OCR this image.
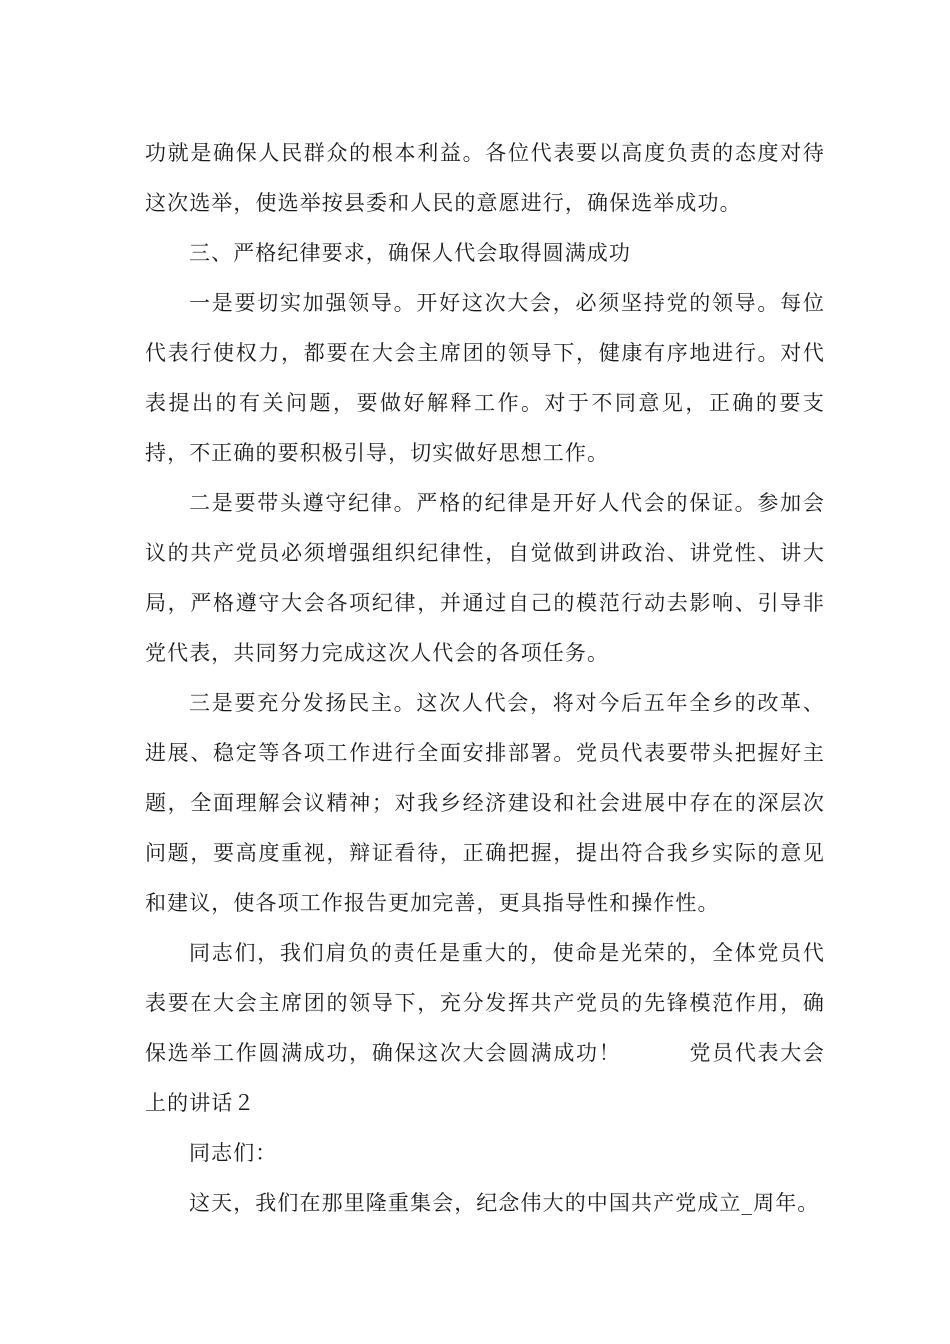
功就是确保人民群众的根本利益。各位代表要以高度负责的态度对待这次选举，使选举按县委和人民的意愿进行，确保选举成功。

三、严格纪律要求，确保人代会取得圆满成功

一是要切实加强领导。开好这次大会，必须坚持党的领导。每位代表行使权力，都要在大会主席团的领导下，健康有序地进行。对代表提出的有关问题，要做好解释工作。对于不同意见，正确的要支持，不正确的要积极引导，切实做好思想工作。

二是要带头遵守纪律。严格的纪律是开好人代会的保证。参加会议的共产党员必须增强组织纪律性，自觉做到讲政治、讲党性、讲大局，严格遵守大会各项纪律，并通过自己的模范行动去影响、引导非党代表，共同努力完成这次人代会的各项任务。

三是要充分发扬民主。这次人代会，将对今后五年全乡的改革、进展、稳定等各项工作进行全面安排部署。党员代表要带头把握好主题，全面理解会议精神；对我乡经济建设和社会进展中存在的深层次问题，要高度重视，辩证看待，正确把握，提出符合我乡实际的意见和建议，使各项工作报告更加完善，更具指导性和操作性。

同志们，我们肩负的责任是重大的，使命是光荣的，全体党员代表要在大会主席团的领导下，充分发挥共产党员的先锋模范作用，确保选举工作圆满成功，确保这次大会圆满成功！　　　党员代表大会上的讲话２

同志们：

这天，我们在那里隆重集会，纪念伟大的中国共产党成立_周年。
